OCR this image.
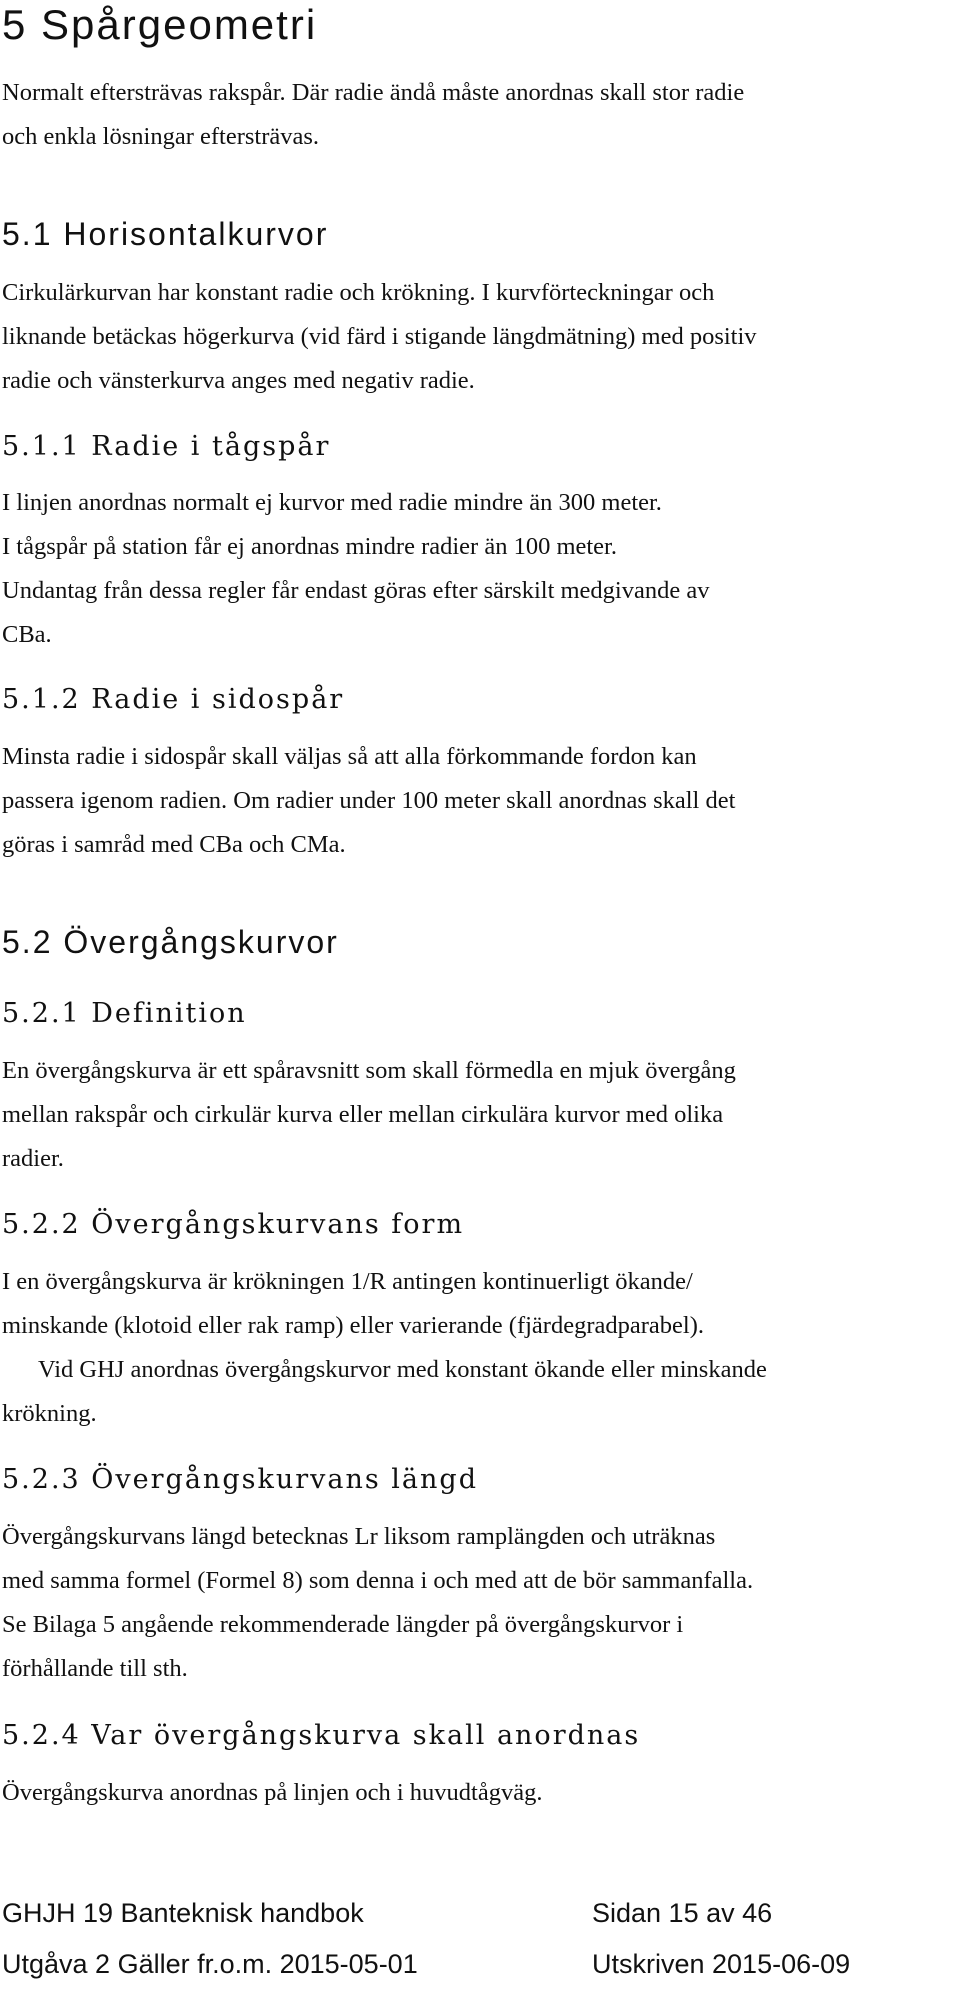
5 Spårgeometri
Normalt eftersträvas rakspår. Där radie ändå måste anordnas skall stor radie
och enkla lösningar eftersträvas.
5.1 Horisontalkurvor
Cirkulärkurvan har konstant radie och krökning. I kurvförteckningar och
liknande betäckas högerkurva (vid färd i stigande längdmätning) med positiv
radie och vänsterkurva anges med negativ radie.
5.1.1 Radie i tågspår
I linjen anordnas normalt ej kurvor med radie mindre än 300 meter.
I tågspår på station får ej anordnas mindre radier än 100 meter.
Undantag från dessa regler får endast göras efter särskilt medgivande av
CBa.
5.1.2 Radie i sidospår
Minsta radie i sidospår skall väljas så att alla förkommande fordon kan
passera igenom radien. Om radier under 100 meter skall anordnas skall det
göras i samråd med CBa och CMa.
5.2 Övergångskurvor
5.2.1 Definition
En övergångskurva är ett spåravsnitt som skall förmedla en mjuk övergång
mellan rakspår och cirkulär kurva eller mellan cirkulära kurvor med olika
radier.
5.2.2 Övergångskurvans form
I en övergångskurva är krökningen 1/R antingen kontinuerligt ökande/
minskande (klotoid eller rak ramp) eller varierande (fjärdegradparabel).
Vid GHJ anordnas övergångskurvor med konstant ökande eller minskande
krökning.
5.2.3 Övergångskurvans längd
Övergångskurvans längd betecknas Lr liksom ramplängden och uträknas
med samma formel (Formel 8) som denna i och med att de bör sammanfalla.
Se Bilaga 5 angående rekommenderade längder på övergångskurvor i
förhållande till sth.
5.2.4 Var övergångskurva skall anordnas
Övergångskurva anordnas på linjen och i huvudtågväg.
GHJH 19 Banteknisk handbok	Sidan 15 av 46
Utgåva 2 Gäller fr.o.m. 2015-05-01	Utskriven 2015-06-09
